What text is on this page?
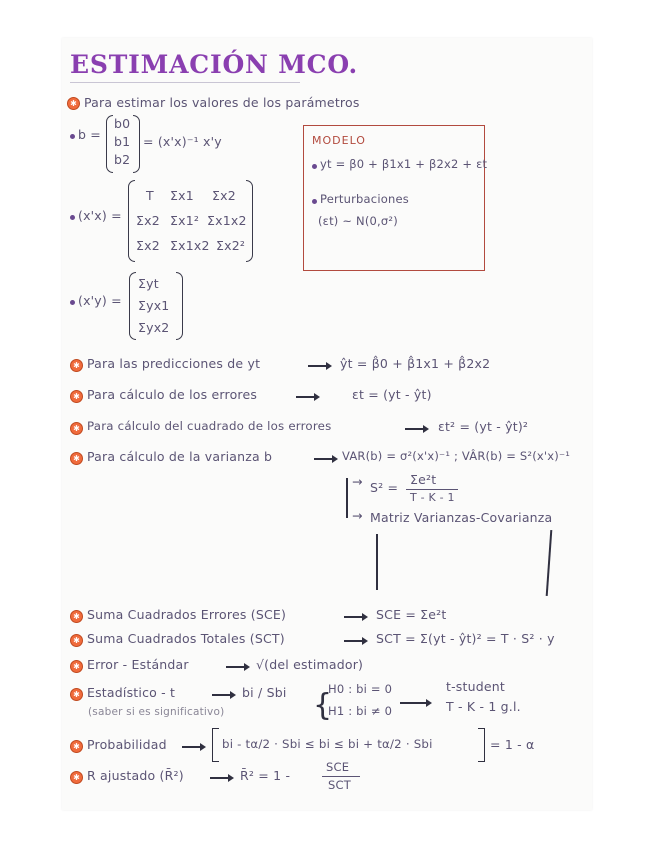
ESTIMACIÓN MCO.
✱ Para estimar los valores de los parámetros
b =
b0
b1
b2
= (x'x)⁻¹ x'y
(x'x) =
T Σx1 Σx2
Σx2 Σx1² Σx1x2
Σx2 Σx1x2 Σx2²
MODELO
yt = β0 + β1x1 + β2x2 + εt
Perturbaciones
(εt) ~ N(0,σ²)
(x'y) =
Σyt
Σyx1
Σyx2
✱ Para las predicciones de yt	ŷt = β̂0 + β̂1x1 + β̂2x2
✱ Para cálculo de los errores	εt = (yt - ŷt)
✱ Para cálculo del cuadrado de los errores	εt² = (yt - ŷt)²
✱ Para cálculo de la varianza b	VAR(b) = σ²(x'x)⁻¹ ; VÂR(b) = S²(x'x)⁻¹
→ S² =
Σe²t
T - K - 1
→ Matriz Varianzas-Covarianza
✱ Suma Cuadrados Errores (SCE)	SCE = Σe²t
✱ Suma Cuadrados Totales (SCT)	SCT = Σ(yt - ŷt)² = T · S² · y
✱ Error - Estándar	√(del estimador)
✱ Estadístico - t	bi / Sbi
(saber si es significativo)	{
H0 : bi = 0
H1 : bi ≠ 0
t-student
T - K - 1 g.l.
✱ Probabilidad	bi - tα/2 · Sbi ≤ bi ≤ bi + tα/2 · Sbi	= 1 - α
✱ R ajustado (R̄²)	R̄² = 1 -
SCE
SCT
